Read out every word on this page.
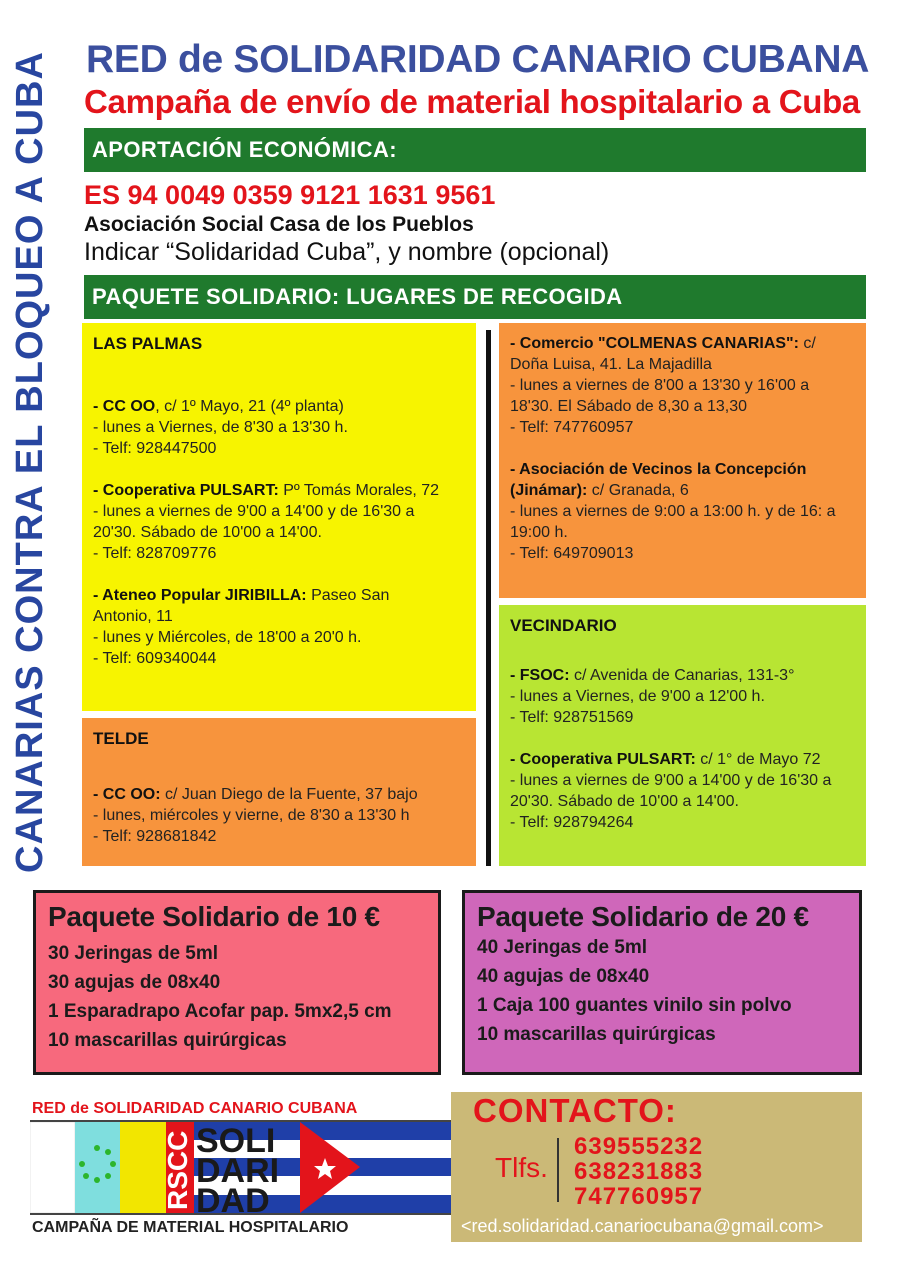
CANARIAS CONTRA EL BLOQUEO A CUBA RED de SOLIDARIDAD CANARIO CUBANA
Campaña de envío de material hospitalario a Cuba
APORTACIÓN ECONÓMICA:
ES 94 0049 0359 9121 1631 9561
Asociación Social Casa de los Pueblos
Indicar “Solidaridad Cuba”, y nombre (opcional)
PAQUETE SOLIDARIO: LUGARES DE RECOGIDA
LAS PALMAS

- CC OO, c/ 1º Mayo, 21 (4º planta)

- lunes a Viernes, de 8'30 a 13'30 h.

- Telf: 928447500

- Cooperativa PULSART: Pº Tomás Morales, 72

- lunes a viernes de 9'00 a 14'00 y de 16'30 a

20'30. Sábado de 10'00 a 14'00.

- Telf: 828709776

- Ateneo Popular JIRIBILLA: Paseo San

Antonio, 11

- lunes y Miércoles, de 18'00 a 20'0 h.

- Telf: 609340044

TELDE

- CC OO: c/ Juan Diego de la Fuente, 37 bajo

- lunes, miércoles y vierne, de 8'30 a 13'30 h

- Telf: 928681842

- Comercio "COLMENAS CANARIAS": c/

Doña Luisa, 41. La Majadilla

- lunes a viernes de 8'00 a 13'30 y 16'00 a

18'30. El Sábado de 8,30 a 13,30

- Telf: 747760957

- Asociación de Vecinos la Concepción

(Jinámar): c/ Granada, 6

- lunes a viernes de 9:00 a 13:00 h. y de 16: a

19:00 h.

- Telf: 649709013

VECINDARIO

- FSOC: c/ Avenida de Canarias, 131-3°

- lunes a Viernes, de 9'00 a 12'00 h.

- Telf: 928751569

- Cooperativa PULSART: c/ 1° de Mayo 72

- lunes a viernes de 9'00 a 14'00 y de 16'30 a

20'30. Sábado de 10'00 a 14'00.

- Telf: 928794264

Paquete Solidario de 10 €

30 Jeringas de 5ml

30 agujas de 08x40

1 Esparadrapo Acofar pap. 5mx2,5 cm

10 mascarillas quirúrgicas

Paquete Solidario de 20 €

40 Jeringas de 5ml

40 agujas de 08x40

1 Caja 100 guantes vinilo sin polvo

10 mascarillas quirúrgicas

RED de SOLIDARIDAD CANARIO CUBANA
RSCC SOLI
DARI
DAD
CAMPAÑA DE MATERIAL HOSPITALARIO
CONTACTO:
Tlfs.
639555232
638231883
747760957
<red.solidaridad.canariocubana@gmail.com>
